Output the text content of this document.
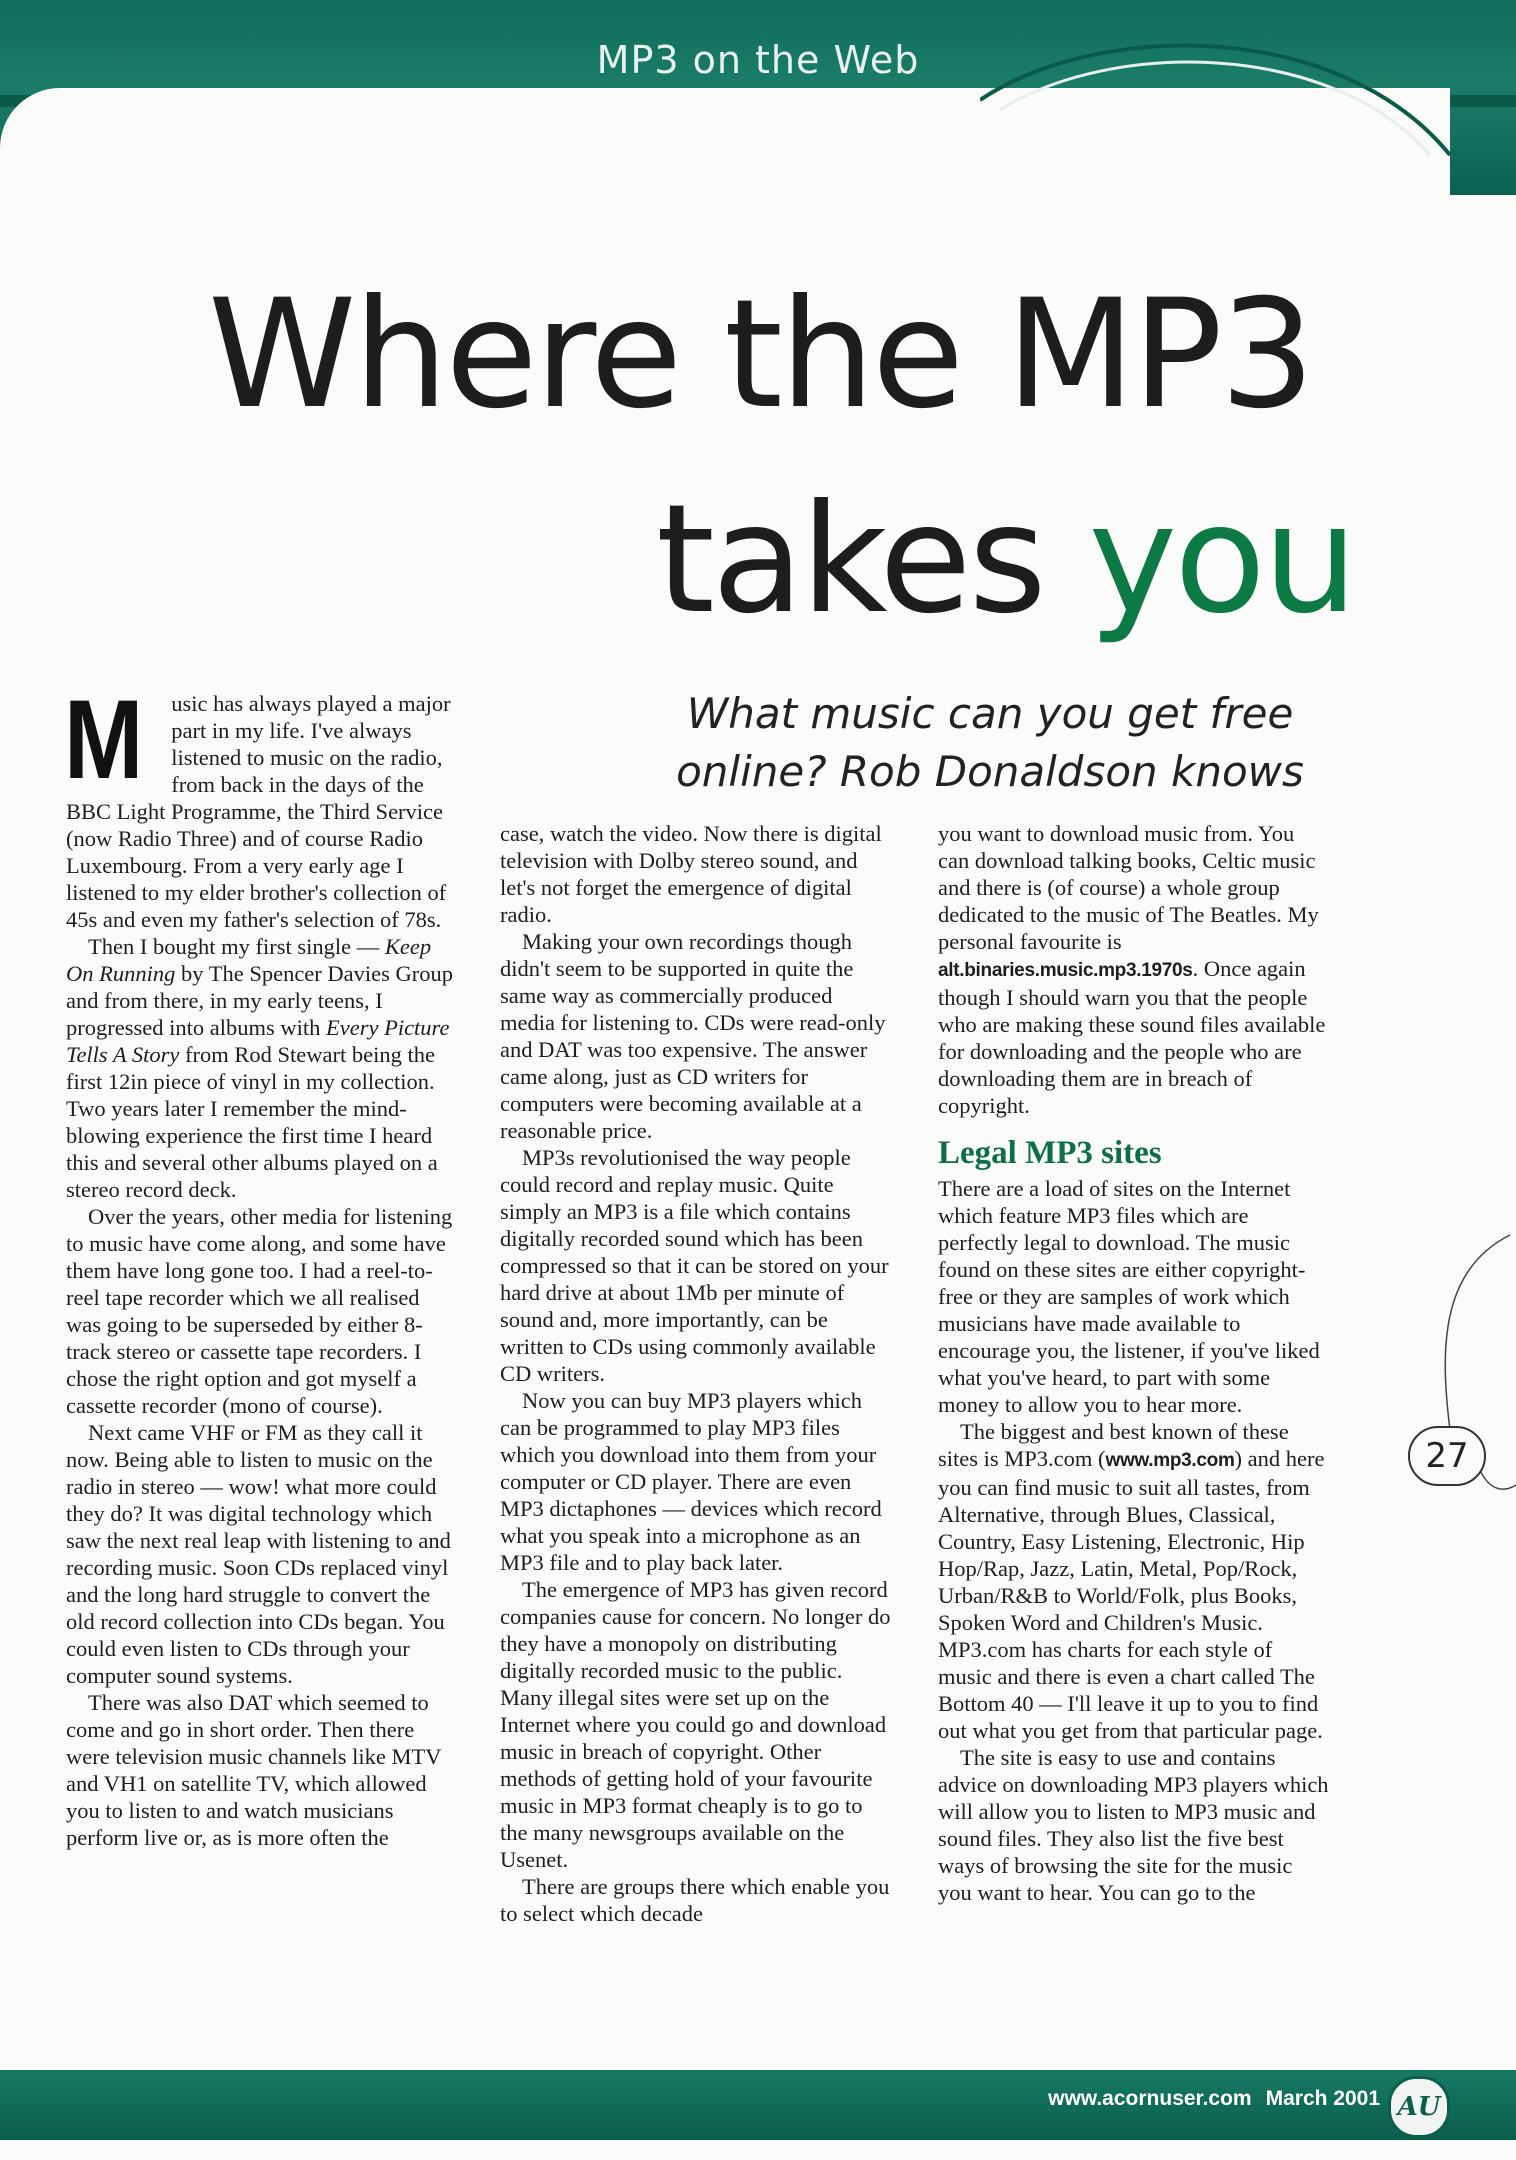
MP3 on the Web
Where the MP3
takes you
What music can you get free online? Rob Donaldson knows

M usic has always played a major part in my life. I've always listened to music on the radio, from back in the days of the BBC Light Programme, the Third Service (now Radio Three) and of course Radio Luxembourg. From a very early age I listened to my elder brother's collection of 45s and even my father's selection of 78s.

Then I bought my first single — Keep On Running by The Spencer Davies Group and from there, in my early teens, I progressed into albums with Every Picture Tells A Story from Rod Stewart being the first 12in piece of vinyl in my collection. Two years later I remember the mind-blowing experience the first time I heard this and several other albums played on a stereo record deck.

Over the years, other media for listening to music have come along, and some have them have long gone too. I had a reel-to-reel tape recorder which we all realised was going to be superseded by either 8-track stereo or cassette tape recorders. I chose the right option and got myself a cassette recorder (mono of course).

Next came VHF or FM as they call it now. Being able to listen to music on the radio in stereo — wow! what more could they do? It was digital technology which saw the next real leap with listening to and recording music. Soon CDs replaced vinyl and the long hard struggle to convert the old record collection into CDs began. You could even listen to CDs through your computer sound systems.

There was also DAT which seemed to come and go in short order. Then there were television music channels like MTV and VH1 on satellite TV, which allowed you to listen to and watch musicians perform live or, as is more often the

case, watch the video. Now there is digital television with Dolby stereo sound, and let's not forget the emergence of digital radio.

Making your own recordings though didn't seem to be supported in quite the same way as commercially produced media for listening to. CDs were read-only and DAT was too expensive. The answer came along, just as CD writers for computers were becoming available at a reasonable price.

MP3s revolutionised the way people could record and replay music. Quite simply an MP3 is a file which contains digitally recorded sound which has been compressed so that it can be stored on your hard drive at about 1Mb per minute of sound and, more importantly, can be written to CDs using commonly available CD writers.

Now you can buy MP3 players which can be programmed to play MP3 files which you download into them from your computer or CD player. There are even MP3 dictaphones — devices which record what you speak into a microphone as an MP3 file and to play back later.

The emergence of MP3 has given record companies cause for concern. No longer do they have a monopoly on distributing digitally recorded music to the public. Many illegal sites were set up on the Internet where you could go and download music in breach of copyright. Other methods of getting hold of your favourite music in MP3 format cheaply is to go to the many newsgroups available on the Usenet.

There are groups there which enable you to select which decade

you want to download music from. You can download talking books, Celtic music and there is (of course) a whole group dedicated to the music of The Beatles. My personal favourite is alt.binaries.music.mp3.1970s. Once again though I should warn you that the people who are making these sound files available for downloading and the people who are downloading them are in breach of copyright.

Legal MP3 sites

There are a load of sites on the Internet which feature MP3 files which are perfectly legal to download. The music found on these sites are either copyright-free or they are samples of work which musicians have made available to encourage you, the listener, if you've liked what you've heard, to part with some money to allow you to hear more.

The biggest and best known of these sites is MP3.com (www.mp3.com) and here you can find music to suit all tastes, from Alternative, through Blues, Classical, Country, Easy Listening, Electronic, Hip Hop/Rap, Jazz, Latin, Metal, Pop/Rock, Urban/R&B to World/Folk, plus Books, Spoken Word and Children's Music. MP3.com has charts for each style of music and there is even a chart called The Bottom 40 — I'll leave it up to you to find out what you get from that particular page.

The site is easy to use and contains advice on downloading MP3 players which will allow you to listen to MP3 music and sound files. They also list the five best ways of browsing the site for the music you want to hear. You can go to the

27
www.acornuser.com March 2001 AU
